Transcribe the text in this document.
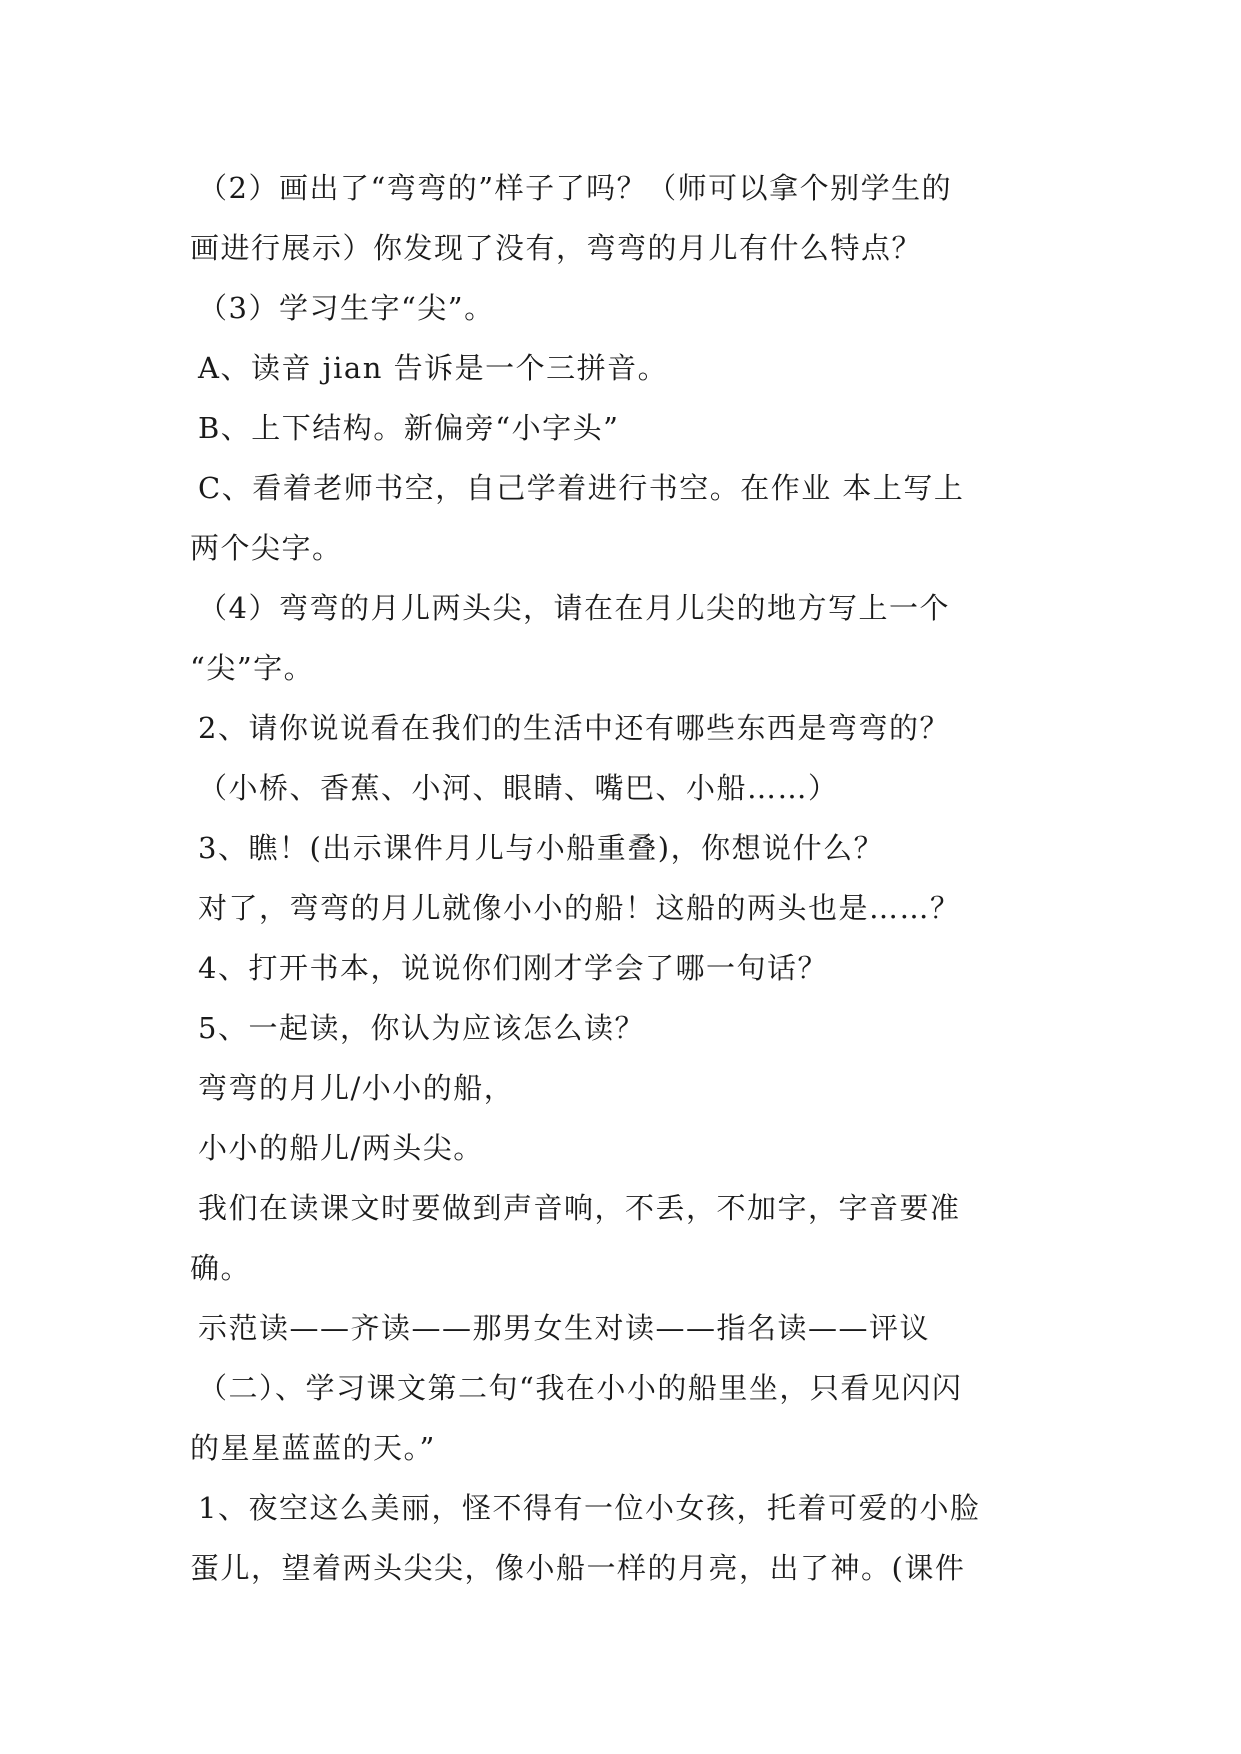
（2）画出了“弯弯的”样子了吗？（师可以拿个别学生的
画进行展示）你发现了没有，弯弯的月儿有什么特点？
（3）学习生字“尖”。
A、读音 jian 告诉是一个三拼音。
B、上下结构。新偏旁“小字头”
C、看着老师书空，自己学着进行书空。在作业 本上写上
两个尖字。
（4）弯弯的月儿两头尖，请在在月儿尖的地方写上一个
“尖”字。
2、请你说说看在我们的生活中还有哪些东西是弯弯的？
（小桥、香蕉、小河、眼睛、嘴巴、小船……）
3、瞧！(出示课件月儿与小船重叠)，你想说什么？
对了，弯弯的月儿就像小小的船！这船的两头也是……？
4、打开书本，说说你们刚才学会了哪一句话？
5、一起读，你认为应该怎么读？
弯弯的月儿/小小的船，
小小的船儿/两头尖。
我们在读课文时要做到声音响，不丢，不加字，字音要准
确。
示范读——齐读——那男女生对读——指名读——评议
（二）、学习课文第二句“我在小小的船里坐，只看见闪闪
的星星蓝蓝的天。”
1、夜空这么美丽，怪不得有一位小女孩，托着可爱的小脸
蛋儿，望着两头尖尖，像小船一样的月亮，出了神。(课件
